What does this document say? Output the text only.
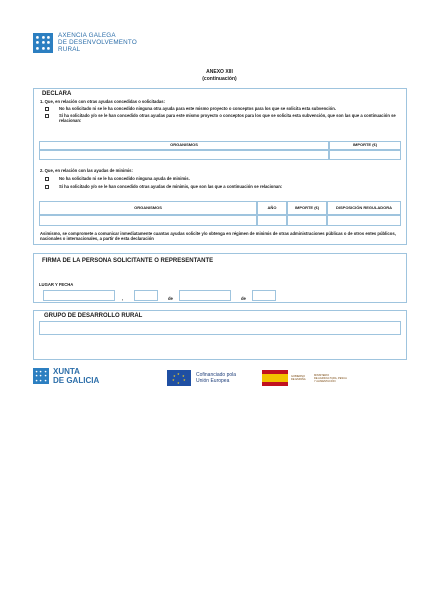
AXENCIA GALEGA
DE DESENVOLVEMENTO
RURAL
ANEXO XIII
(continuación)
DECLARA
1. Que, en relación con otras ayudas concedidas o solicitadas:
No ha solicitado ni se le ha concedido ninguna otra ayuda para este mismo proyecto o conceptos para los que se solicita esta subvención.
Sí ha solicitado y/o se le han concedido otras ayudas para este mismo proyecto o conceptos para los que se solicita esta subvención, que son las que a continuación se relacionan:
ORGANISMOS	IMPORTE (€)
2. Que, en relación con las ayudas de minimis:
No ha solicitado ni se le ha concedido ninguna ayuda de minimis.
Sí ha solicitado y/o se le han concedido otras ayudas de minimis, que son las que a continuación se relacionan:
ORGANISMOS	AÑO	IMPORTE (€)	DISPOSICIÓN REGULADORA
Asimismo, se compromete a comunicar inmediatamente cuantas ayudas solicite y/o obtenga en régimen de minimis de otras administraciones públicas o de otros entes públicos, nacionales o internacionales, a partir de esta declaración
FIRMA DE LA PERSONA SOLICITANTE O REPRESENTANTE
LUGAR Y FECHA
,	de	de
GRUPO DE DESARROLLO RURAL
XUNTA
DE GALICIA
★ ★
★
★
★
★	Cofinanciado pola
Unión Europea
GOBIERNO
DE ESPAÑA
MINISTERIO
DE AGRICULTURA, PESCA
Y ALIMENTACIÓN
